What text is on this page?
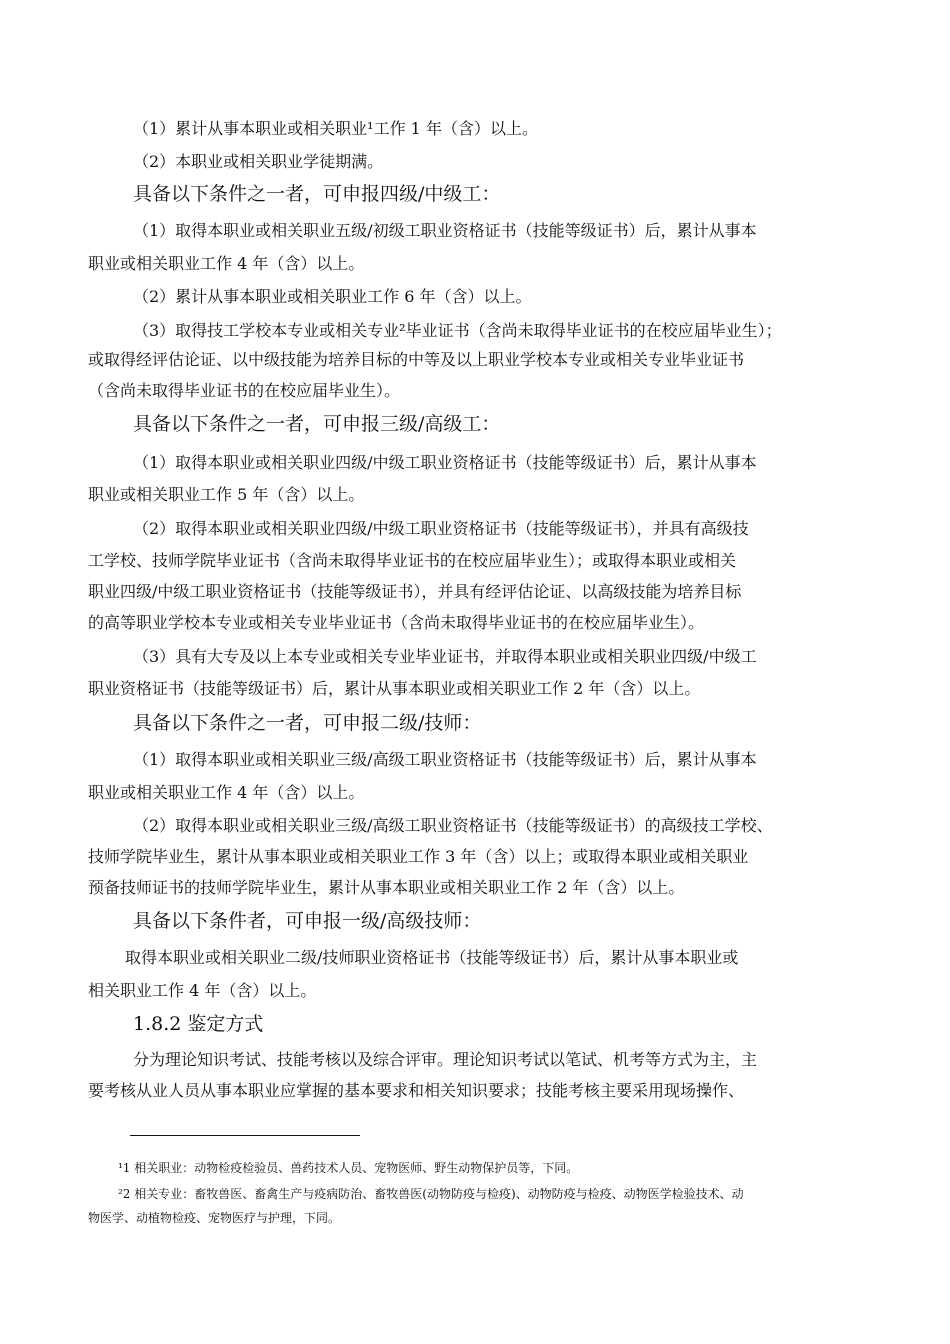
（1）累计从事本职业或相关职业¹工作 1 年（含）以上。
（2）本职业或相关职业学徒期满。
具备以下条件之一者，可申报四级/中级工：
（1）取得本职业或相关职业五级/初级工职业资格证书（技能等级证书）后，累计从事本
职业或相关职业工作 4 年（含）以上。
（2）累计从事本职业或相关职业工作 6 年（含）以上。
（3）取得技工学校本专业或相关专业²毕业证书（含尚未取得毕业证书的在校应届毕业生）；
或取得经评估论证、以中级技能为培养目标的中等及以上职业学校本专业或相关专业毕业证书
（含尚未取得毕业证书的在校应届毕业生）。
具备以下条件之一者，可申报三级/高级工：
（1）取得本职业或相关职业四级/中级工职业资格证书（技能等级证书）后，累计从事本
职业或相关职业工作 5 年（含）以上。
（2）取得本职业或相关职业四级/中级工职业资格证书（技能等级证书），并具有高级技
工学校、技师学院毕业证书（含尚未取得毕业证书的在校应届毕业生）；或取得本职业或相关
职业四级/中级工职业资格证书（技能等级证书），并具有经评估论证、以高级技能为培养目标
的高等职业学校本专业或相关专业毕业证书（含尚未取得毕业证书的在校应届毕业生）。
（3）具有大专及以上本专业或相关专业毕业证书，并取得本职业或相关职业四级/中级工
职业资格证书（技能等级证书）后，累计从事本职业或相关职业工作 2 年（含）以上。
具备以下条件之一者，可申报二级/技师：
（1）取得本职业或相关职业三级/高级工职业资格证书（技能等级证书）后，累计从事本
职业或相关职业工作 4 年（含）以上。
（2）取得本职业或相关职业三级/高级工职业资格证书（技能等级证书）的高级技工学校、
技师学院毕业生，累计从事本职业或相关职业工作 3 年（含）以上；或取得本职业或相关职业
预备技师证书的技师学院毕业生，累计从事本职业或相关职业工作 2 年（含）以上。
具备以下条件者，可申报一级/高级技师：
取得本职业或相关职业二级/技师职业资格证书（技能等级证书）后，累计从事本职业或
相关职业工作 4 年（含）以上。
1.8.2 鉴定方式
分为理论知识考试、技能考核以及综合评审。理论知识考试以笔试、机考等方式为主，主
要考核从业人员从事本职业应掌握的基本要求和相关知识要求；技能考核主要采用现场操作、
¹1 相关职业：动物检疫检验员、兽药技术人员、宠物医师、野生动物保护员等，下同。
²2 相关专业：畜牧兽医、畜禽生产与疫病防治、畜牧兽医(动物防疫与检疫)、动物防疫与检疫、动物医学检验技术、动
物医学、动植物检疫、宠物医疗与护理，下同。
